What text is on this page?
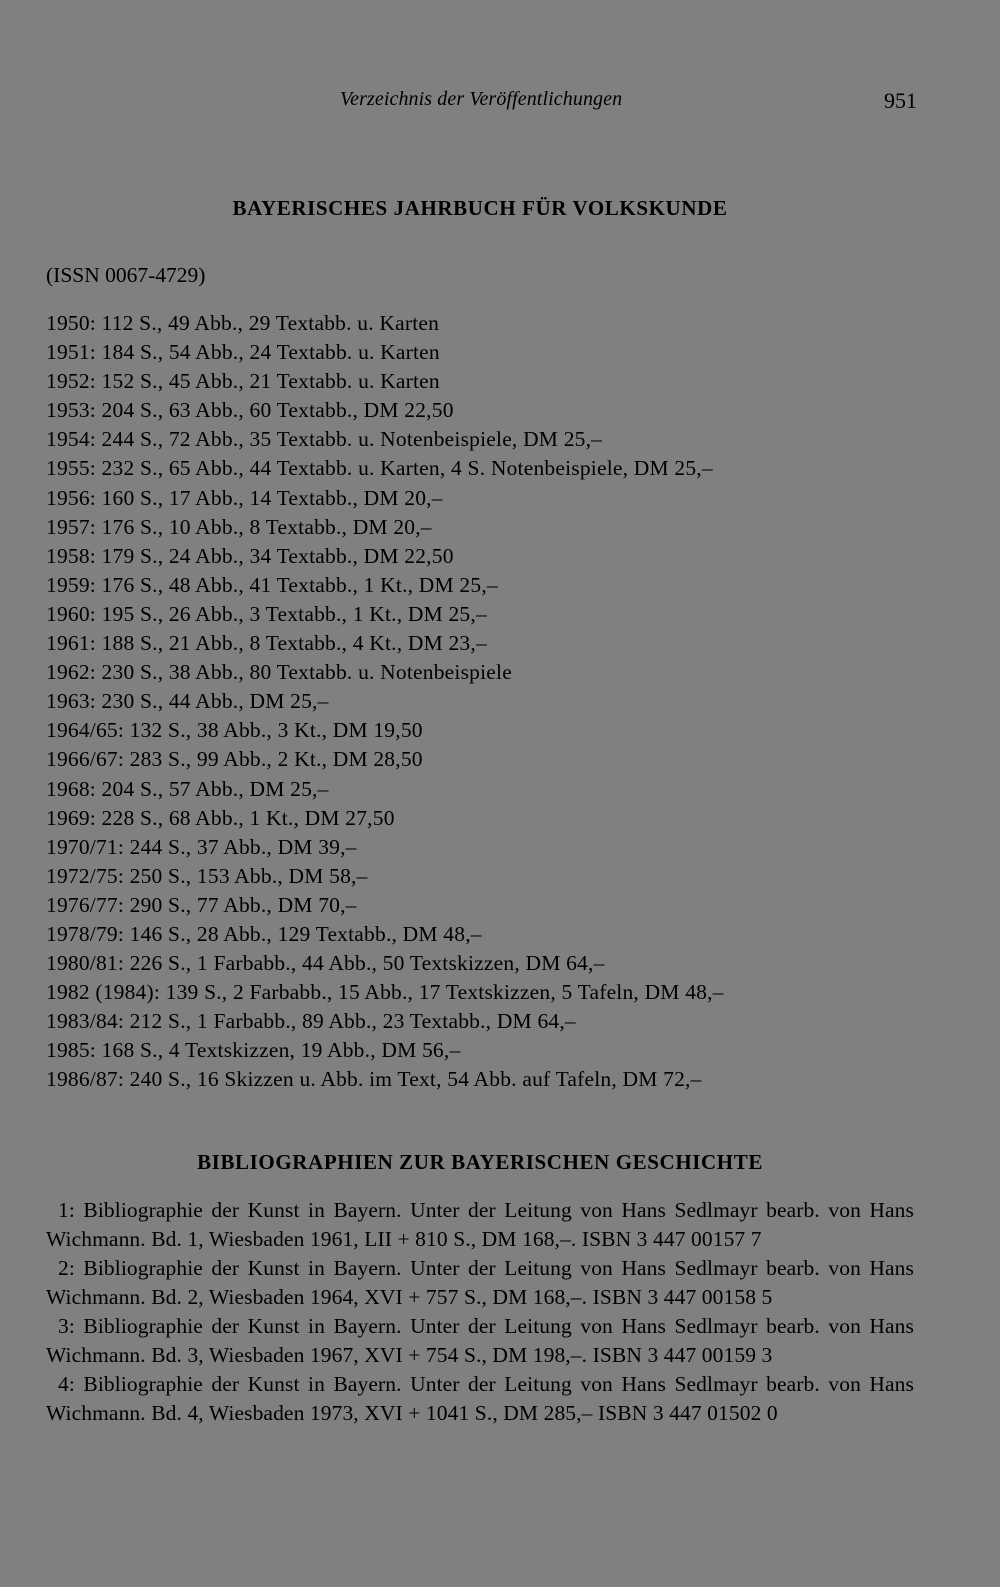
Verzeichnis der Veröffentlichungen	951
BAYERISCHES JAHRBUCH FÜR VOLKSKUNDE
(ISSN 0067-4729)
1950: 112 S., 49 Abb., 29 Textabb. u. Karten
1951: 184 S., 54 Abb., 24 Textabb. u. Karten
1952: 152 S., 45 Abb., 21 Textabb. u. Karten
1953: 204 S., 63 Abb., 60 Textabb., DM 22,50
1954: 244 S., 72 Abb., 35 Textabb. u. Notenbeispiele, DM 25,–
1955: 232 S., 65 Abb., 44 Textabb. u. Karten, 4 S. Notenbeispiele, DM 25,–
1956: 160 S., 17 Abb., 14 Textabb., DM 20,–
1957: 176 S., 10 Abb., 8 Textabb., DM 20,–
1958: 179 S., 24 Abb., 34 Textabb., DM 22,50
1959: 176 S., 48 Abb., 41 Textabb., 1 Kt., DM 25,–
1960: 195 S., 26 Abb., 3 Textabb., 1 Kt., DM 25,–
1961: 188 S., 21 Abb., 8 Textabb., 4 Kt., DM 23,–
1962: 230 S., 38 Abb., 80 Textabb. u. Notenbeispiele
1963: 230 S., 44 Abb., DM 25,–
1964/65: 132 S., 38 Abb., 3 Kt., DM 19,50
1966/67: 283 S., 99 Abb., 2 Kt., DM 28,50
1968: 204 S., 57 Abb., DM 25,–
1969: 228 S., 68 Abb., 1 Kt., DM 27,50
1970/71: 244 S., 37 Abb., DM 39,–
1972/75: 250 S., 153 Abb., DM 58,–
1976/77: 290 S., 77 Abb., DM 70,–
1978/79: 146 S., 28 Abb., 129 Textabb., DM 48,–
1980/81: 226 S., 1 Farbabb., 44 Abb., 50 Textskizzen, DM 64,–
1982 (1984): 139 S., 2 Farbabb., 15 Abb., 17 Textskizzen, 5 Tafeln, DM 48,–
1983/84: 212 S., 1 Farbabb., 89 Abb., 23 Textabb., DM 64,–
1985: 168 S., 4 Textskizzen, 19 Abb., DM 56,–
1986/87: 240 S., 16 Skizzen u. Abb. im Text, 54 Abb. auf Tafeln, DM 72,–
BIBLIOGRAPHIEN ZUR BAYERISCHEN GESCHICHTE
1: Bibliographie der Kunst in Bayern. Unter der Leitung von Hans Sedlmayr bearb. von Hans Wichmann. Bd. 1, Wiesbaden 1961, LII + 810 S., DM 168,–. ISBN 3 447 00157 7
2: Bibliographie der Kunst in Bayern. Unter der Leitung von Hans Sedlmayr bearb. von Hans Wichmann. Bd. 2, Wiesbaden 1964, XVI + 757 S., DM 168,–. ISBN 3 447 00158 5
3: Bibliographie der Kunst in Bayern. Unter der Leitung von Hans Sedlmayr bearb. von Hans Wichmann. Bd. 3, Wiesbaden 1967, XVI + 754 S., DM 198,–. ISBN 3 447 00159 3
4: Bibliographie der Kunst in Bayern. Unter der Leitung von Hans Sedlmayr bearb. von Hans Wichmann. Bd. 4, Wiesbaden 1973, XVI + 1041 S., DM 285,– ISBN 3 447 01502 0
